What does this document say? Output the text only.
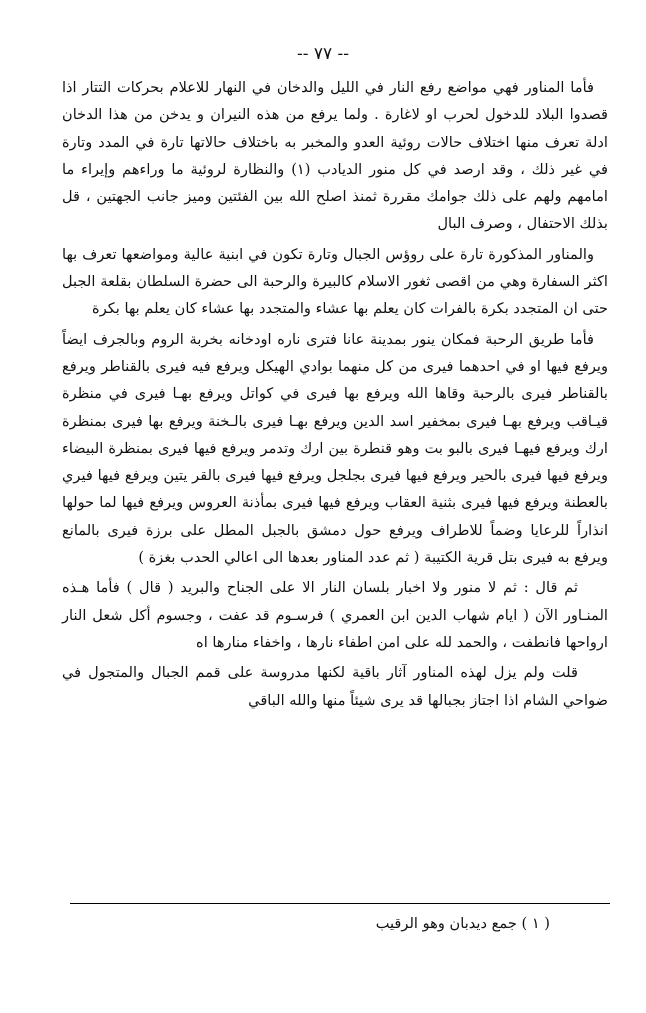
-- ٧٧ --

فأما المناور فهي مواضع رفع النار في الليل والدخان في النهار للاعلام بحركات التتار اذا قصدوا البلاد للدخول لحرب او لاغارة . ولما يرفع من هذه النيران و يدخن من هذا الدخان ادلة تعرف منها اختلاف حالات روئية العدو والمخبر به باختلاف حالاتها تارة في المدد وتارة في غير ذلك ، وقد ارصد في كل منور الديادب (١) والنظارة لروئية ما وراءهم وإيراء ما امامهم ولهم على ذلك جوامك مقررة ثمنذ اصلح الله بين الفئتين وميز جانب الجهتين ، قل بذلك الاحتفال ، وصرف البال

والمناور المذكورة تارة على روؤس الجبال وتارة تكون في ابنية عالية ومواضعها تعرف بها اكثر السفارة وهي من اقصى ثغور الاسلام كالبيرة والرحبة الى حضرة السلطان بقلعة الجبل حتى ان المتجدد بكرة بالفرات كان يعلم بها عشاء والمتجدد بها عشاء كان يعلم بها بكرة

فأما طريق الرحبة فمكان ينور بمدينة عانا فترى ناره اودخانه بخربة الروم وبالجرف ايضاً ويرفع فيها او في احدهما فيرى من كل منهما بوادي الهيكل ويرفع فيه فيرى بالقناطر ويرفع بالقناطر فيرى بالرحبة وقاها الله ويرفع بها فيرى في كواتل ويرفع بهـا فيرى في منظرة قيـاقب ويرفع بهـا فيرى بمخفير اسد الدين ويرفع بهـا فيرى بالـخنة ويرفع بها فيرى بمنظرة ارك ويرفع فيهـا فيرى بالبو بت وهو قنطرة بين ارك وتدمر ويرفع فيها فيرى بمنظرة البيضاء ويرفع فيها فيرى بالحير ويرفع فيها فيرى بجلجل ويرفع فيها فيرى بالقر يتين ويرفع فيها فيري بالعطنة ويرفع فيها فيرى بثنية العقاب ويرفع فيها فيرى بمأذنة العروس ويرفع فيها لما حولها انذاراً للرعايا وضماً للاطراف ويرفع حول دمشق بالجبل المطل على برزة فيرى بالمانع ويرفع به فيرى بتل قرية الكتيبة ( ثم عدد المناور بعدها الى اعالي الحدب بغزة )

ثم قال : ثم لا منور ولا اخبار بلسان النار الا على الجناح والبريد ( قال ) فأما هـذه المنـاور الآن ( ايام شهاب الدين ابن العمري ) فرسـوم قد عفت ، وجسوم أكل شعل النار ارواحها فانطفت ، والحمد لله على امن اطفاء نارها ، واخفاء منارها اه

قلت ولم يزل لهذه المناور آثار باقية لكنها مدروسة على قمم الجبال والمتجول في ضواحي الشام اذا اجتاز بجبالها قد يرى شيئاً منها والله الباقي

( ١ ) جمع ديدبان وهو الرقيب
